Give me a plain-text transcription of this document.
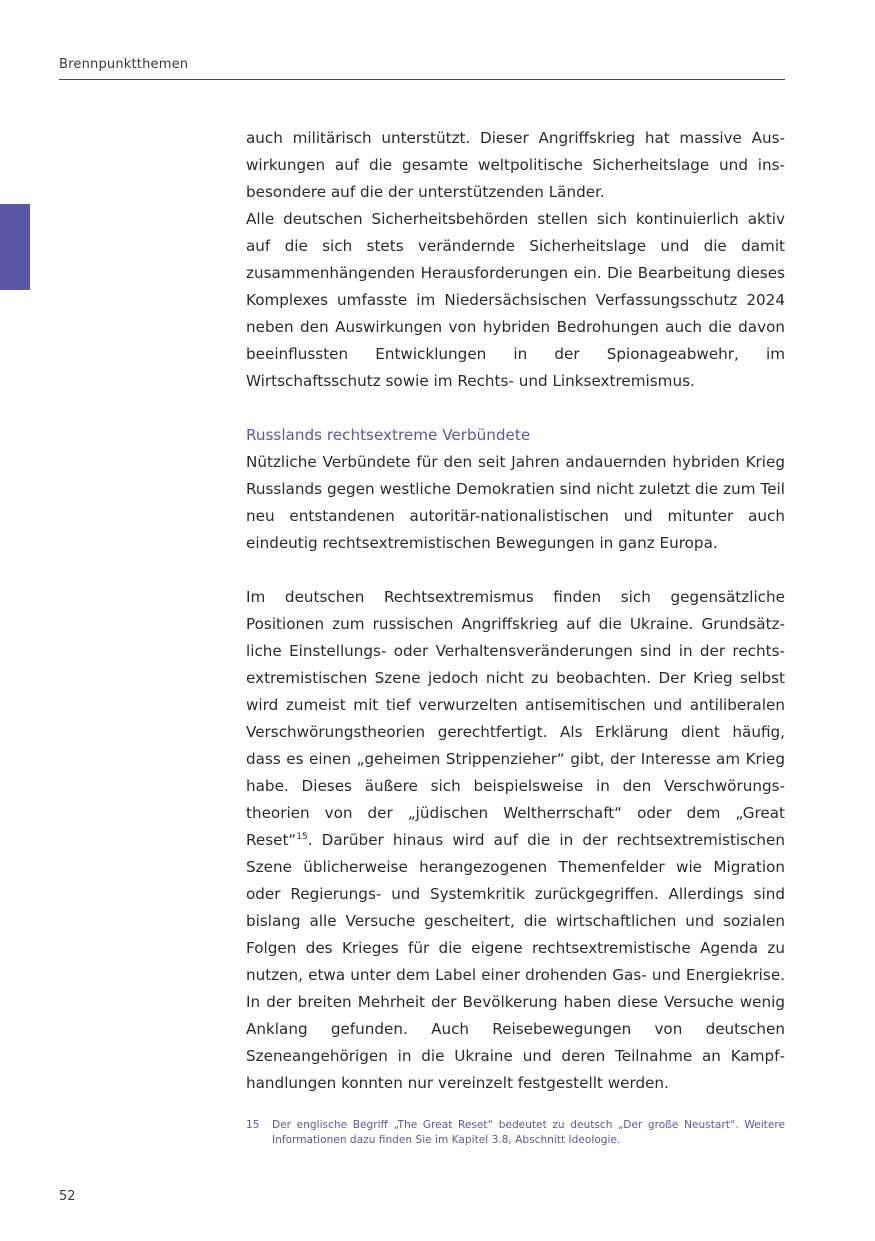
Brennpunktthemen

auch militärisch unterstützt. Dieser Angriffskrieg hat massive Auswirkungen auf die gesamte weltpolitische Sicherheitslage und insbesondere auf die der unterstützenden Länder.

Alle deutschen Sicherheitsbehörden stellen sich kontinuierlich aktiv auf die sich stets verändernde Sicherheitslage und die damit zusammenhängenden Herausforderungen ein. Die Bearbeitung dieses Komplexes umfasste im Niedersächsischen Verfassungsschutz 2024 neben den Auswirkungen von hybriden Bedrohungen auch die davon beeinflussten Entwicklungen in der Spionageabwehr, im Wirtschaftsschutz sowie im Rechts- und Linksextremismus.

Russlands rechtsextreme Verbündete

Nützliche Verbündete für den seit Jahren andauernden hybriden Krieg Russlands gegen westliche Demokratien sind nicht zuletzt die zum Teil neu entstandenen autoritär-nationalistischen und mitunter auch eindeutig rechtsextremistischen Bewegungen in ganz Europa.

Im deutschen Rechtsextremismus finden sich gegensätzliche Positionen zum russischen Angriffskrieg auf die Ukraine. Grundsätzliche Einstellungs- oder Verhaltensveränderungen sind in der rechtsextremistischen Szene jedoch nicht zu beobachten. Der Krieg selbst wird zumeist mit tief verwurzelten antisemitischen und antiliberalen Verschwörungstheorien gerechtfertigt. Als Erklärung dient häufig, dass es einen „geheimen Strippenzieher“ gibt, der Interesse am Krieg habe. Dieses äußere sich beispielsweise in den Verschwörungstheorien von der „jüdischen Weltherrschaft“ oder dem „Great Reset“$^{15}$. Darüber hinaus wird auf die in der rechtsextremistischen Szene üblicherweise herangezogenen Themenfelder wie Migration oder Regierungs- und Systemkritik zurückgegriffen. Allerdings sind bislang alle Versuche gescheitert, die wirtschaftlichen und sozialen Folgen des Krieges für die eigene rechtsextremistische Agenda zu nutzen, etwa unter dem Label einer drohenden Gas- und Energiekrise. In der breiten Mehrheit der Bevölkerung haben diese Versuche wenig Anklang gefunden. Auch Reisebewegungen von deutschen Szeneangehörigen in die Ukraine und deren Teilnahme an Kampfhandlungen konnten nur vereinzelt festgestellt werden.

15	Der englische Begriff „The Great Reset“ bedeutet zu deutsch „Der große Neustart“. Weitere Informationen dazu finden Sie im Kapitel 3.8, Abschnitt Ideologie.
52
